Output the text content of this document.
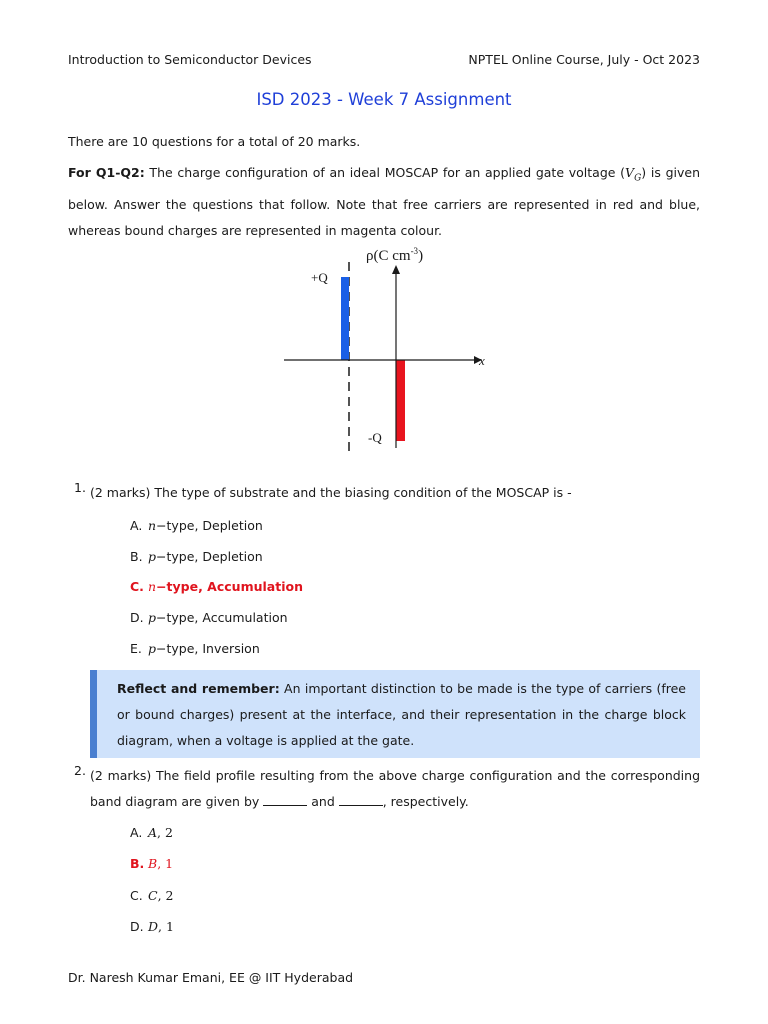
Introduction to Semiconductor Devices	NPTEL Online Course, July - Oct 2023
ISD 2023 - Week 7 Assignment
There are 10 questions for a total of 20 marks.
For Q1-Q2: The charge configuration of an ideal MOSCAP for an applied gate voltage $(V_G)$ is given below. Answer the questions that follow. Note that free carriers are represented in red and blue, whereas bound charges are represented in magenta colour.
ρ(C $cm^{-3}$)
x
+Q
-Q
1. (2 marks) The type of substrate and the biasing condition of the MOSCAP is -
A. n−type, Depletion
B. p−type, Depletion
C. n−type, Accumulation
D. p−type, Accumulation
E. p−type, Inversion
Reflect and remember: An important distinction to be made is the type of carriers (free or bound charges) present at the interface, and their representation in the charge block diagram, when a voltage is applied at the gate.
2. (2 marks) The field profile resulting from the above charge configuration and the corresponding band diagram are given by	and	, respectively.
A. A, 2
B. B, 1
C. C, 2
D. D, 1
Dr. Naresh Kumar Emani, EE @ IIT Hyderabad
